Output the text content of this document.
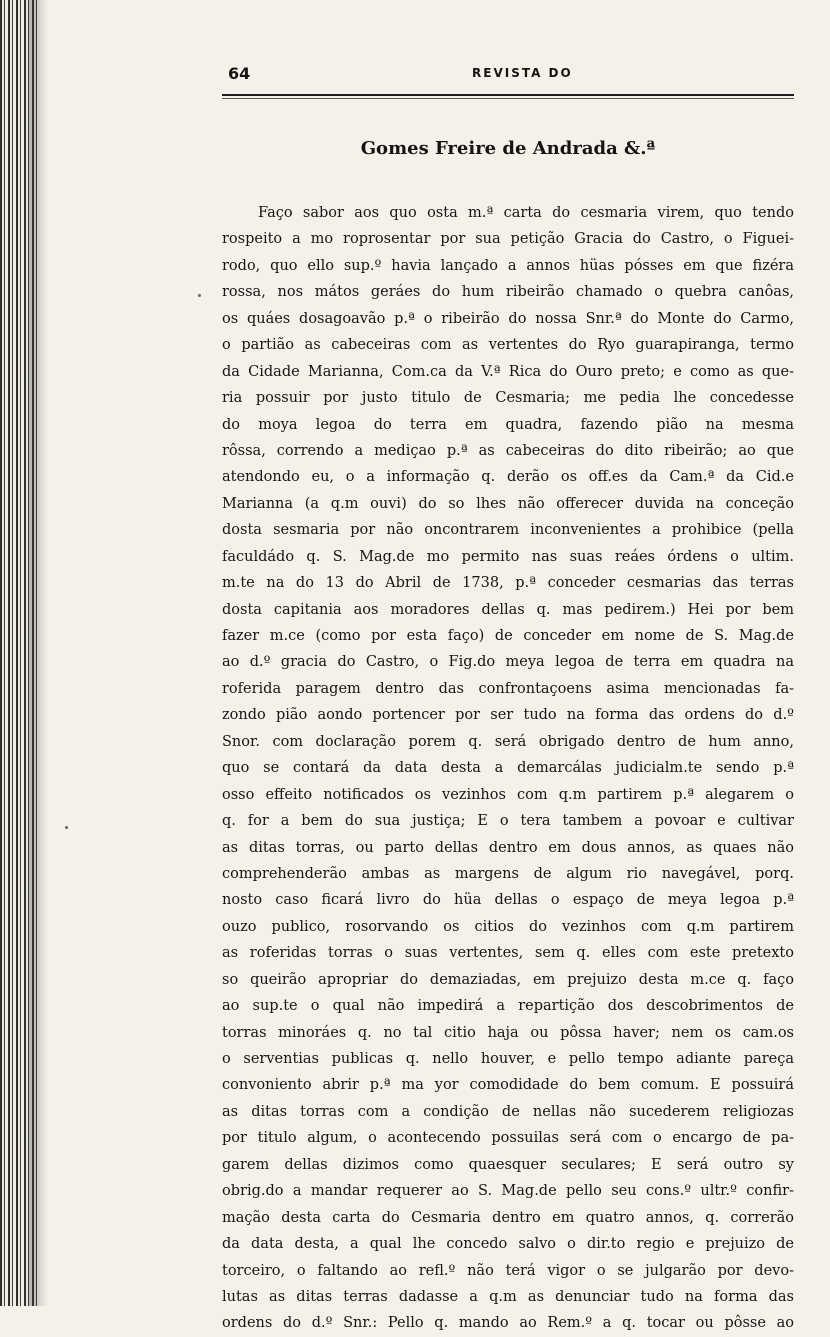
64	REVISTA DO
Gomes Freire de Andrada &.ª
Faço sabor aos quo osta m.ª carta do cesmaria virem, quo tendo
rospeito a mo roprosentar por sua petição Gracia do Castro, o Figuei-
rodo, quo ello sup.º havia lançado a annos hüas pósses em que fizéra
rossa, nos mátos geráes do hum ribeirão chamado o quebra canôas,
os quáes dosagoavão p.ª o ribeirão do nossa Snr.ª do Monte do Carmo,
o partião as cabeceiras com as vertentes do Ryo guarapiranga, termo
da Cidade Marianna, Com.ca da V.ª Rica do Ouro preto; e como as que-
ria possuir por justo titulo de Cesmaria; me pedia lhe concedesse
do moya legoa do terra em quadra, fazendo pião na mesma
rôssa, correndo a mediçao p.ª as cabeceiras do dito ribeirão; ao que
atendondo eu, o a informação q. derão os off.es da Cam.ª da Cid.e
Marianna (a q.m ouvi) do so lhes não offerecer duvida na conceção
dosta sesmaria por não oncontrarem inconvenientes a prohibice (pella
faculdádo q. S. Mag.de mo permito nas suas reáes órdens o ultim.
m.te na do 13 do Abril de 1738, p.ª conceder cesmarias das terras
dosta capitania aos moradores dellas q. mas pedirem.) Hei por bem
fazer m.ce (como por esta faço) de conceder em nome de S. Mag.de
ao d.º gracia do Castro, o Fig.do meya legoa de terra em quadra na
roferida paragem dentro das confrontaçoens asima mencionadas fa-
zondo pião aondo portencer por ser tudo na forma das ordens do d.º
Snor. com doclaração porem q. será obrigado dentro de hum anno,
quo se contará da data desta a demarcálas judicialm.te sendo p.ª
osso effeito notificados os vezinhos com q.m partirem p.ª alegarem o
q. for a bem do sua justiça; E o tera tambem a povoar e cultivar
as ditas torras, ou parto dellas dentro em dous annos, as quaes não
comprehenderão ambas as margens de algum rio navegável, porq.
nosto caso ficará livro do hüa dellas o espaço de meya legoa p.ª
ouzo publico, rosorvando os citios do vezinhos com q.m partirem
as roferidas torras o suas vertentes, sem q. elles com este pretexto
so queirão apropriar do demaziadas, em prejuizo desta m.ce q. faço
ao sup.te o qual não impedirá a repartição dos descobrimentos de
torras minoráes q. no tal citio haja ou pôssa haver; nem os cam.os
o serventias publicas q. nello houver, e pello tempo adiante pareça
convoniento abrir p.ª ma yor comodidade do bem comum. E possuirá
as ditas torras com a condição de nellas não sucederem religiozas
por titulo algum, o acontecendo possuilas será com o encargo de pa-
garem dellas dizimos como quaesquer seculares; E será outro sy
obrig.do a mandar requerer ao S. Mag.de pello seu cons.º ultr.º confir-
mação desta carta do Cesmaria dentro em quatro annos, q. correrão
da data desta, a qual lhe concedo salvo o dir.to regio e prejuizo de
torceiro, o faltando ao refl.º não terá vigor o se julgarão por devo-
lutas as ditas terras dadasse a q.m as denunciar tudo na forma das
ordens do d.º Snr.: Pello q. mando ao Rem.º a q. tocar ou pôsse ao
